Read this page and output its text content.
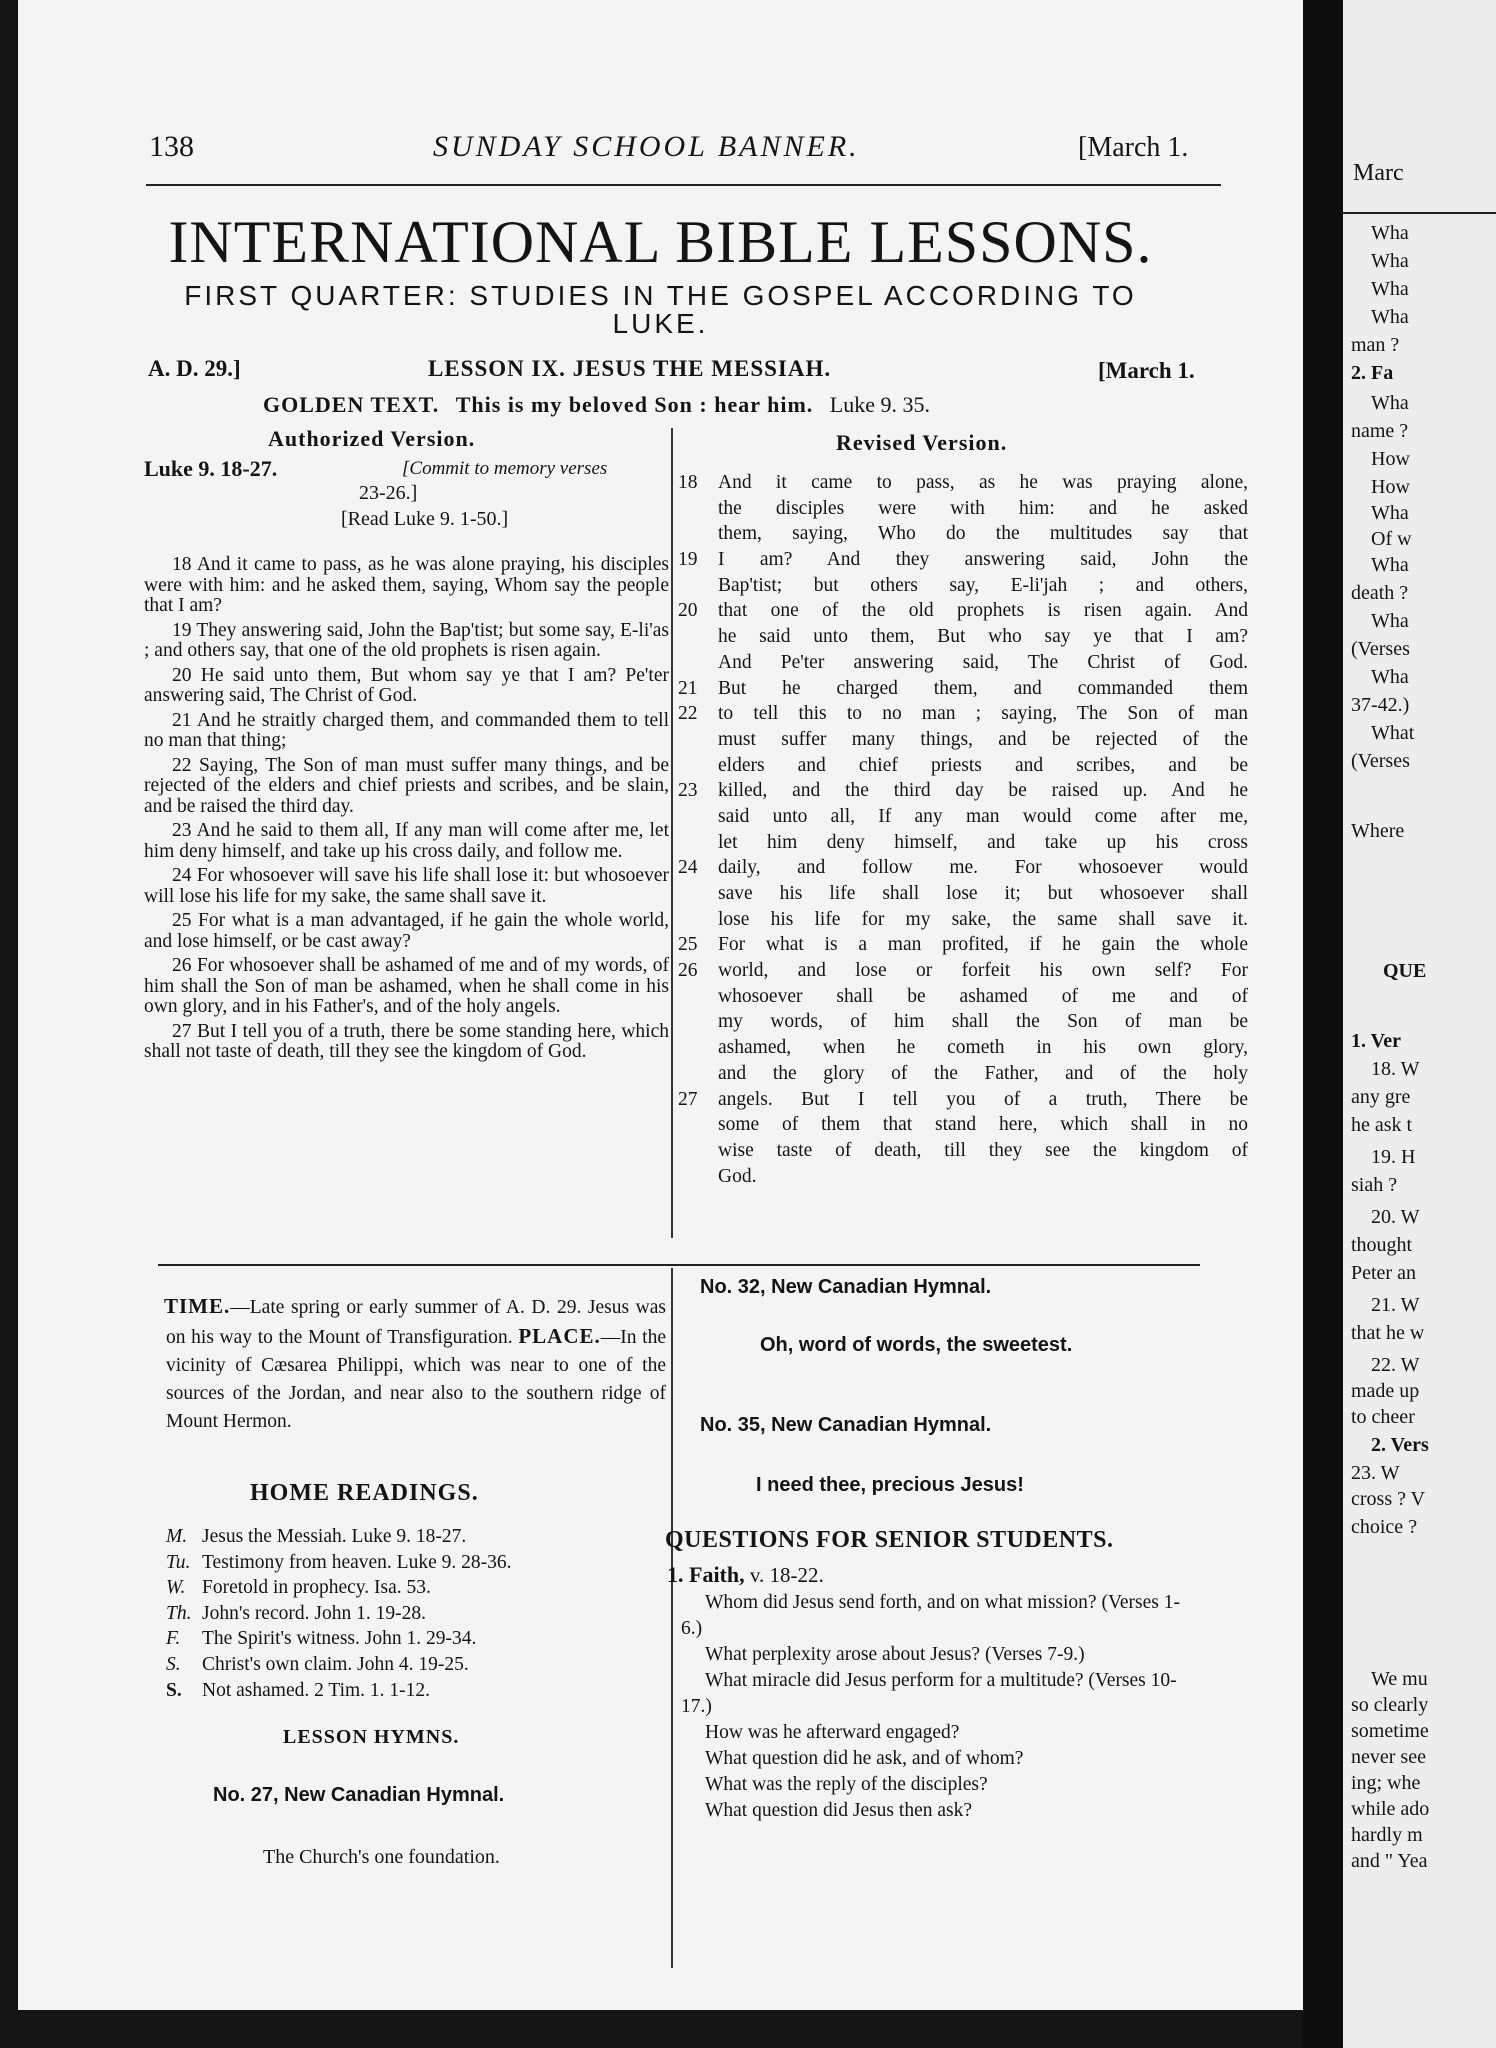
138	SUNDAY SCHOOL BANNER.	[March 1.
INTERNATIONAL BIBLE LESSONS.
FIRST QUARTER: STUDIES IN THE GOSPEL ACCORDING TO
LUKE.
A. D. 29.]	LESSON IX. JESUS THE MESSIAH.	[March 1.
GOLDEN TEXT. This is my beloved Son : hear him. Luke 9. 35.
Authorized Version.
Luke 9. 18-27.	[Commit to memory verses
23-26.]
[Read Luke 9. 1-50.]

18 And it came to pass, as he was alone praying, his disciples were with him: and he asked them, saying, Whom say the people that I am?

19 They answering said, John the Bap'tist; but some say, E-li'as ; and others say, that one of the old prophets is risen again.

20 He said unto them, But whom say ye that I am? Pe'ter answering said, The Christ of God.

21 And he straitly charged them, and commanded them to tell no man that thing;

22 Saying, The Son of man must suffer many things, and be rejected of the elders and chief priests and scribes, and be slain, and be raised the third day.

23 And he said to them all, If any man will come after me, let him deny himself, and take up his cross daily, and follow me.

24 For whosoever will save his life shall lose it: but whosoever will lose his life for my sake, the same shall save it.

25 For what is a man advantaged, if he gain the whole world, and lose himself, or be cast away?

26 For whosoever shall be ashamed of me and of my words, of him shall the Son of man be ashamed, when he shall come in his own glory, and in his Father's, and of the holy angels.

27 But I tell you of a truth, there be some standing here, which shall not taste of death, till they see the kingdom of God.

Revised Version.
18	And it came to pass, as he was praying alone,
the disciples were with him: and he asked
them, saying, Who do the multitudes say that
19	I am? And they answering said, John the
Bap'tist; but others say, E-li'jah ; and others,
20	that one of the old prophets is risen again. And
he said unto them, But who say ye that I am?
And Pe'ter answering said, The Christ of God.
21	But he charged them, and commanded them
22	to tell this to no man ; saying, The Son of man
must suffer many things, and be rejected of the
elders and chief priests and scribes, and be
23	killed, and the third day be raised up. And he
said unto all, If any man would come after me,
let him deny himself, and take up his cross
24	daily, and follow me. For whosoever would
save his life shall lose it; but whosoever shall
lose his life for my sake, the same shall save it.
25	For what is a man profited, if he gain the whole
26	world, and lose or forfeit his own self? For
whosoever shall be ashamed of me and of
my words, of him shall the Son of man be
ashamed, when he cometh in his own glory,
and the glory of the Father, and of the holy
27	angels. But I tell you of a truth, There be
some of them that stand here, which shall in no
wise taste of death, till they see the kingdom of
God.
TIME.—Late spring or early summer of A. D. 29. Jesus was on his way to the Mount of Transfiguration. PLACE.—In the vicinity of Cæsarea Philippi, which was near to one of the sources of the Jordan, and near also to the southern ridge of Mount Hermon.
HOME READINGS.
M. Jesus the Messiah. Luke 9. 18-27.
Tu. Testimony from heaven. Luke 9. 28-36.
W. Foretold in prophecy. Isa. 53.
Th. John's record. John 1. 19-28.
F.	The Spirit's witness. John 1. 29-34.
S.	Christ's own claim. John 4. 19-25.
S.	Not ashamed. 2 Tim. 1. 1-12.
LESSON HYMNS.
No. 27, New Canadian Hymnal.
The Church's one foundation.
No. 32, New Canadian Hymnal.
Oh, word of words, the sweetest.
No. 35, New Canadian Hymnal.
I need thee, precious Jesus!
QUESTIONS FOR SENIOR STUDENTS.
1. Faith, v. 18-22.

Whom did Jesus send forth, and on what mission? (Verses 1-6.)

What perplexity arose about Jesus? (Verses 7-9.)

What miracle did Jesus perform for a multitude? (Verses 10-17.)

How was he afterward engaged?

What question did he ask, and of whom?

What was the reply of the disciples?

What question did Jesus then ask?

Marc
Wha
Wha
Wha
Wha
man ?
2. Fa
Wha
name ?
How
How
Wha
Of w
Wha
death ?
Wha
(Verses
Wha
37-42.)
What
(Verses
Where
QUE
1. Ver
18. W
any gre
he ask t
19. H
siah ?
20. W
thought
Peter an
21. W
that he w
22. W
made up
to cheer
2. Vers
23. W
cross ? V
choice ?
We mu
so clearly
sometime
never see
ing; whe
while ado
hardly m
and " Yea
